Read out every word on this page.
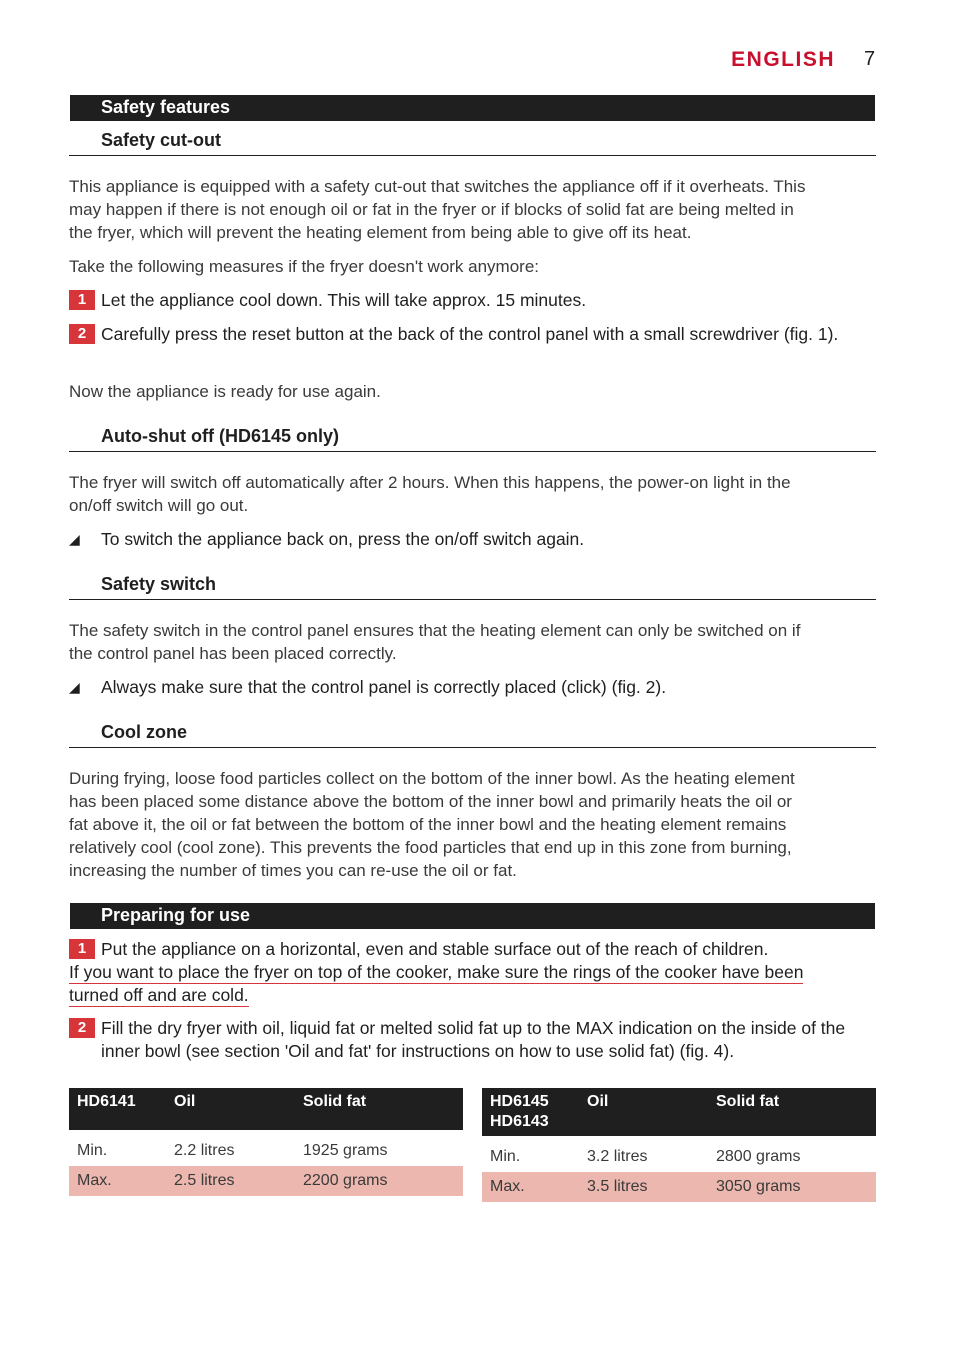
ENGLISH 7
Safety features
Safety cut-out
This appliance is equipped with a safety cut-out that switches the appliance off if it overheats. This
may happen if there is not enough oil or fat in the fryer or if blocks of solid fat are being melted in
the fryer, which will prevent the heating element from being able to give off its heat.
Take the following measures if the fryer doesn't work anymore:
1 Let the appliance cool down. This will take approx. 15 minutes.
2 Carefully press the reset button at the back of the control panel with a small screwdriver (fig. 1).
Now the appliance is ready for use again.
Auto-shut off (HD6145 only)
The fryer will switch off automatically after 2 hours. When this happens, the power-on light in the
on/off switch will go out.
◢ To switch the appliance back on, press the on/off switch again.
Safety switch
The safety switch in the control panel ensures that the heating element can only be switched on if
the control panel has been placed correctly.
◢ Always make sure that the control panel is correctly placed (click) (fig. 2).
Cool zone
During frying, loose food particles collect on the bottom of the inner bowl. As the heating element
has been placed some distance above the bottom of the inner bowl and primarily heats the oil or
fat above it, the oil or fat between the bottom of the inner bowl and the heating element remains
relatively cool (cool zone). This prevents the food particles that end up in this zone from burning,
increasing the number of times you can re-use the oil or fat.
Preparing for use
1 Put the appliance on a horizontal, even and stable surface out of the reach of children.
If you want to place the fryer on top of the cooker, make sure the rings of the cooker have been
turned off and are cold.
2 Fill the dry fryer with oil, liquid fat or melted solid fat up to the MAX indication on the inside of the inner bowl (see section 'Oil and fat' for instructions on how to use solid fat) (fig. 4).
HD6141	Oil	Solid fat

Min.	2.2 litres	1925 grams
Max.	2.5 litres	2200 grams
HD6145
HD6143	Oil	Solid fat

Min.	3.2 litres	2800 grams
Max.	3.5 litres	3050 grams
